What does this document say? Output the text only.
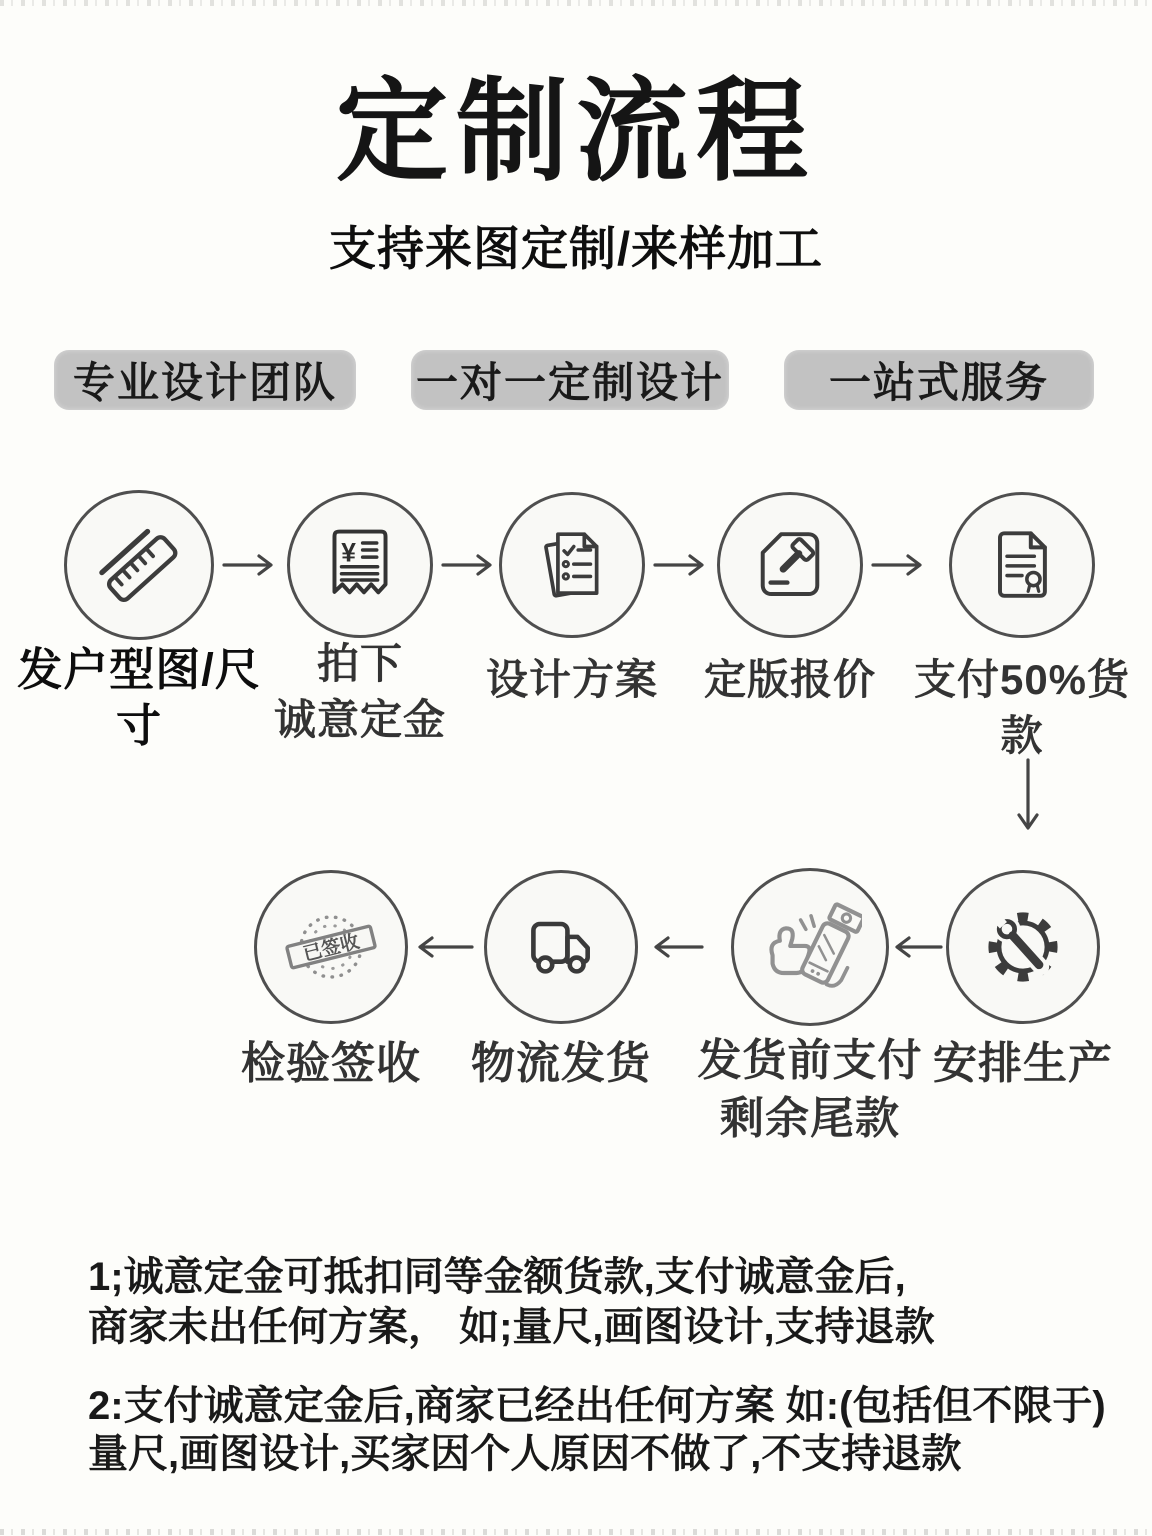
定制流程
支持来图定制/来样加工
专业设计团队	一对一定制设计	一站式服务
发户型图/尺寸
¥
拍下
诚意定金
设计方案	定版报价 支付50%货款
安排生产
发货前支付
剩余尾款
物流发货
已签收
检验签收
1;诚意定金可抵扣同等金额货款,支付诚意金后,
商家未出任何方案， 如;量尺,画图设计,支持退款
2:支付诚意定金后,商家已经出任何方案 如:(包括但不限于)
量尺,画图设计,买家因个人原因不做了,不支持退款
